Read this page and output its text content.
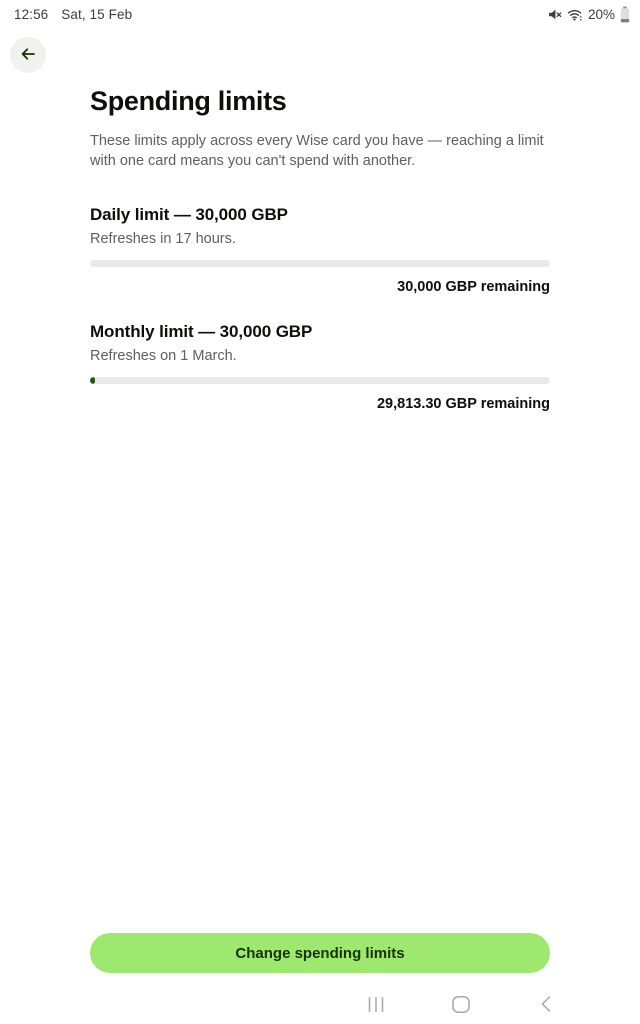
12:56 Sat, 15 Feb	20%
Spending limits

These limits apply across every Wise card you have — reaching a limit with one card means you can't spend with another.

Daily limit — 30,000 GBP
Refreshes in 17 hours.
30,000 GBP remaining
Monthly limit — 30,000 GBP
Refreshes on 1 March.
29,813.30 GBP remaining
Change spending limits
